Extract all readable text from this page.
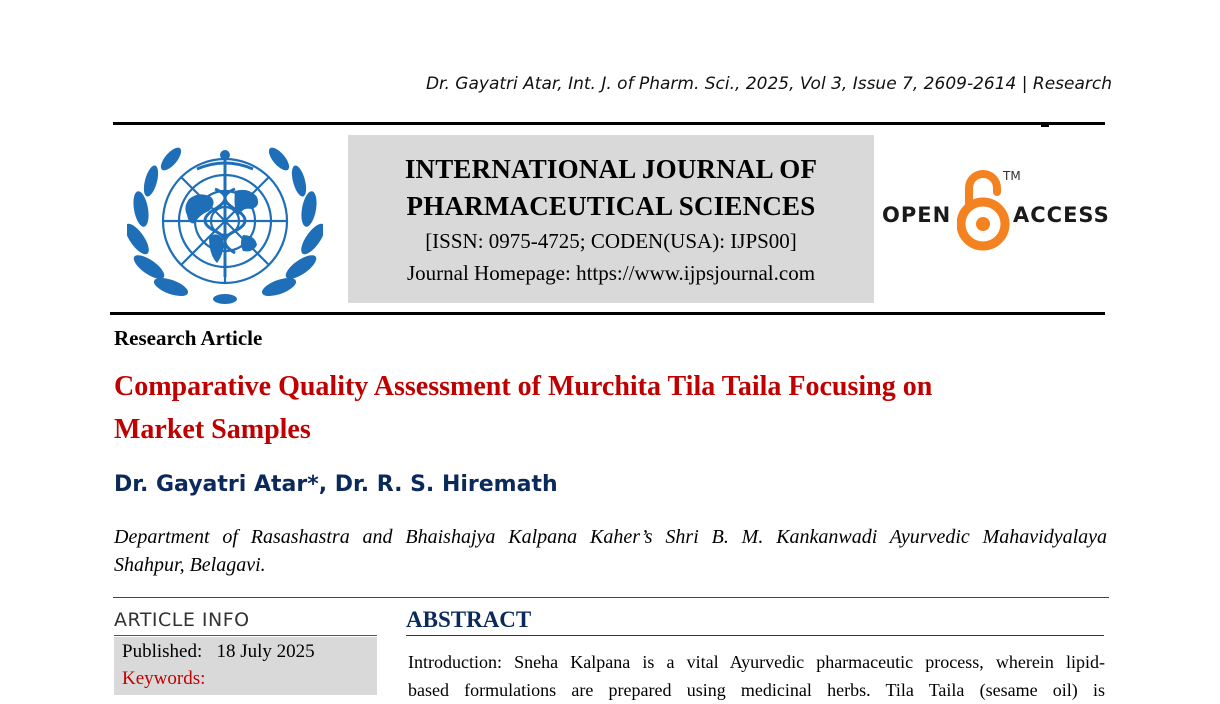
Dr. Gayatri Atar, Int. J. of Pharm. Sci., 2025, Vol 3, Issue 7, 2609-2614 | Research
INTERNATIONAL JOURNAL OF
PHARMACEUTICAL SCIENCES
[ISSN: 0975-4725; CODEN(USA): IJPS00]
Journal Homepage: https://www.ijpsjournal.com
OPEN
TM
ACCESS
Research Article
Comparative Quality Assessment of Murchita Tila Taila Focusing on
Market Samples
Dr. Gayatri Atar*, Dr. R. S. Hiremath
Department of Rasashastra and Bhaishajya Kalpana Kaher’s Shri B. M. Kankanwadi Ayurvedic Mahavidyalaya
Shahpur, Belagavi.
ARTICLE INFO
Published: 18 July 2025
Keywords:
ABSTRACT
Introduction: Sneha Kalpana is a vital Ayurvedic pharmaceutic process, wherein lipid-
based formulations are prepared using medicinal herbs. Tila Taila (sesame oil) is
